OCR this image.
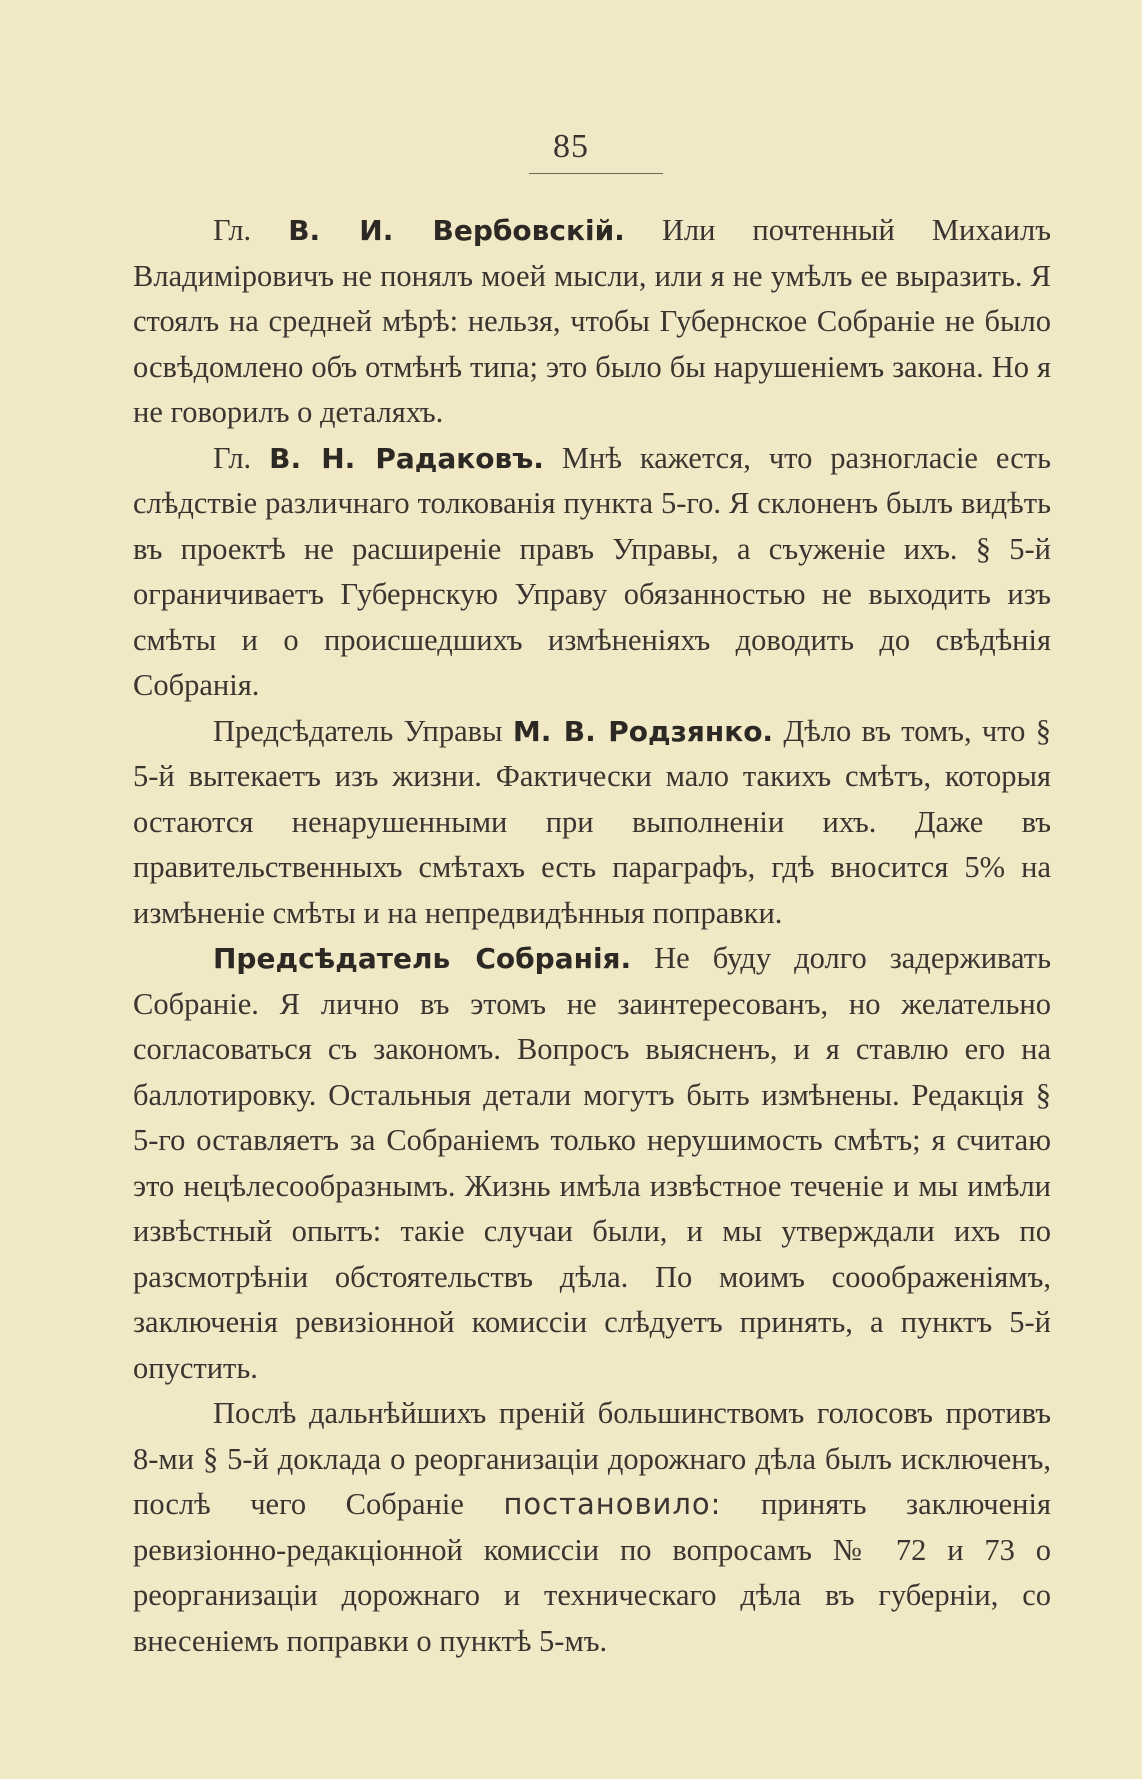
85

Гл. В. И. Вербовскій. Или почтенный Михаилъ Владиміровичъ не понялъ моей мысли, или я не умѣлъ ее выразить. Я стоялъ на средней мѣрѣ: нельзя, чтобы Губернское Собраніе не было освѣдомлено объ отмѣнѣ типа; это было бы нарушеніемъ закона. Но я не говорилъ о деталяхъ.

Гл. В. Н. Радаковъ. Мнѣ кажется, что разногласіе есть слѣдствіе различнаго толкованія пункта 5-го. Я склоненъ былъ видѣть въ проектѣ не расширеніе правъ Управы, а съуженіе ихъ. § 5-й ограничиваетъ Губернскую Управу обязанностью не выходить изъ смѣты и о происшедшихъ измѣненіяхъ доводить до свѣдѣнія Собранія.

Предсѣдатель Управы М. В. Родзянко. Дѣло въ томъ, что § 5-й вытекаетъ изъ жизни. Фактически мало такихъ смѣтъ, которыя остаются ненарушенными при выполненіи ихъ. Даже въ правительственныхъ смѣтахъ есть параграфъ, гдѣ вносится 5% на измѣненіе смѣты и на непредвидѣнныя поправки.

Предсѣдатель Собранія. Не буду долго задерживать Собраніе. Я лично въ этомъ не заинтересованъ, но желательно согласоваться съ закономъ. Вопросъ выясненъ, и я ставлю его на баллотировку. Остальныя детали могутъ быть измѣнены. Редакція § 5-го оставляетъ за Собраніемъ только нерушимость смѣтъ; я считаю это нецѣлесообразнымъ. Жизнь имѣла извѣстное теченіе и мы имѣли извѣстный опытъ: такіе случаи были, и мы утверждали ихъ по разсмотрѣніи обстоятельствъ дѣла. По моимъ сооображеніямъ, заключенія ревизіонной комиссіи слѣдуетъ принять, а пунктъ 5-й опустить.

Послѣ дальнѣйшихъ преній большинствомъ голосовъ противъ 8-ми § 5-й доклада о реорганизаціи дорожнаго дѣла былъ исключенъ, послѣ чего Собраніе постановило: принять заключенія ревизіонно-редакціонной комиссіи по вопросамъ № 72 и 73 о реорганизаціи дорожнаго и техническаго дѣла въ губерніи, со внесеніемъ поправки о пунктѣ 5-мъ.
